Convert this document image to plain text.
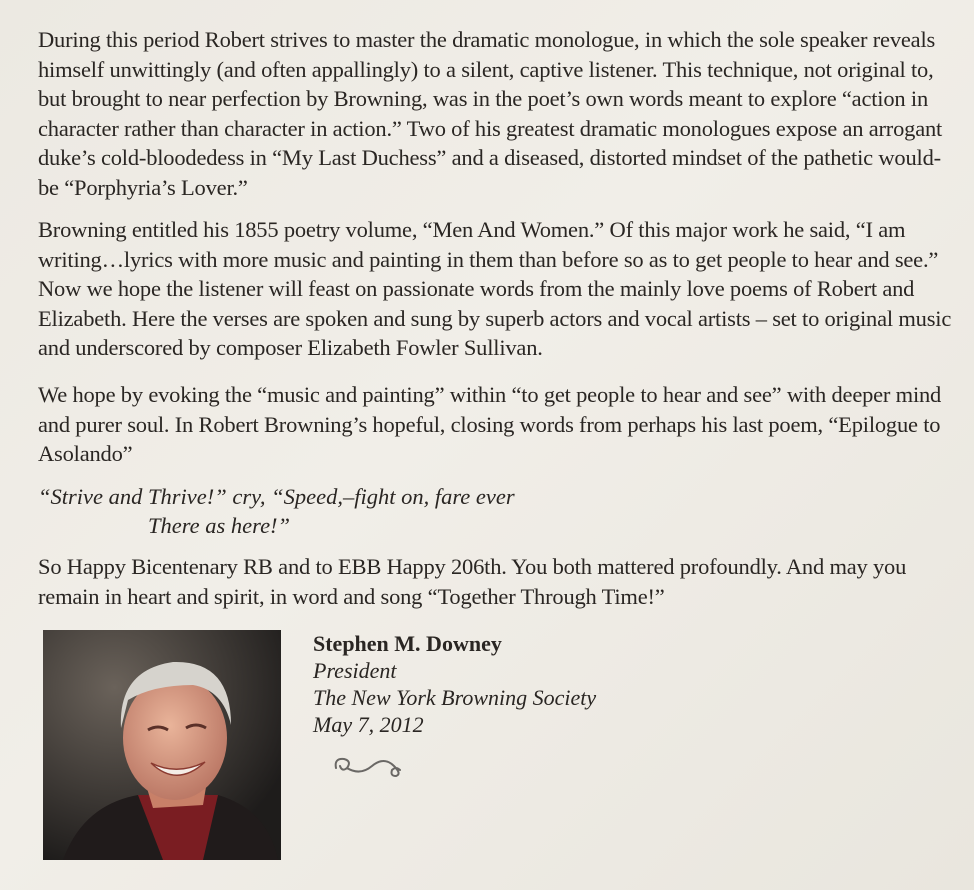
During this period Robert strives to master the dramatic monologue, in which the sole speaker reveals himself unwittingly (and often appallingly) to a silent, captive listener. This technique, not original to, but brought to near perfection by Browning, was in the poet’s own words meant to explore “action in character rather than character in action.” Two of his greatest dramatic monologues expose an arrogant duke’s cold-bloodedess in “My Last Duchess” and a diseased, distorted mindset of the pathetic would-be “Porphyria’s Lover.”

Browning entitled his 1855 poetry volume, “Men And Women.” Of this major work he said, “I am writing…lyrics with more music and painting in them than before so as to get people to hear and see.” Now we hope the listener will feast on passionate words from the mainly love poems of Robert and Elizabeth. Here the verses are spoken and sung by superb actors and vocal artists – set to original music and underscored by composer Elizabeth Fowler Sullivan.

We hope by evoking the “music and painting” within “to get people to hear and see” with deeper mind and purer soul. In Robert Browning’s hopeful, closing words from perhaps his last poem, “Epilogue to Asolando”

“Strive and Thrive!” cry, “Speed,–fight on, fare ever
There as here!”

So Happy Bicentenary RB and to EBB Happy 206th. You both mattered profoundly. And may you remain in heart and spirit, in word and song “Together Through Time!”

Stephen M. Downey
President
The New York Browning Society
May 7, 2012
